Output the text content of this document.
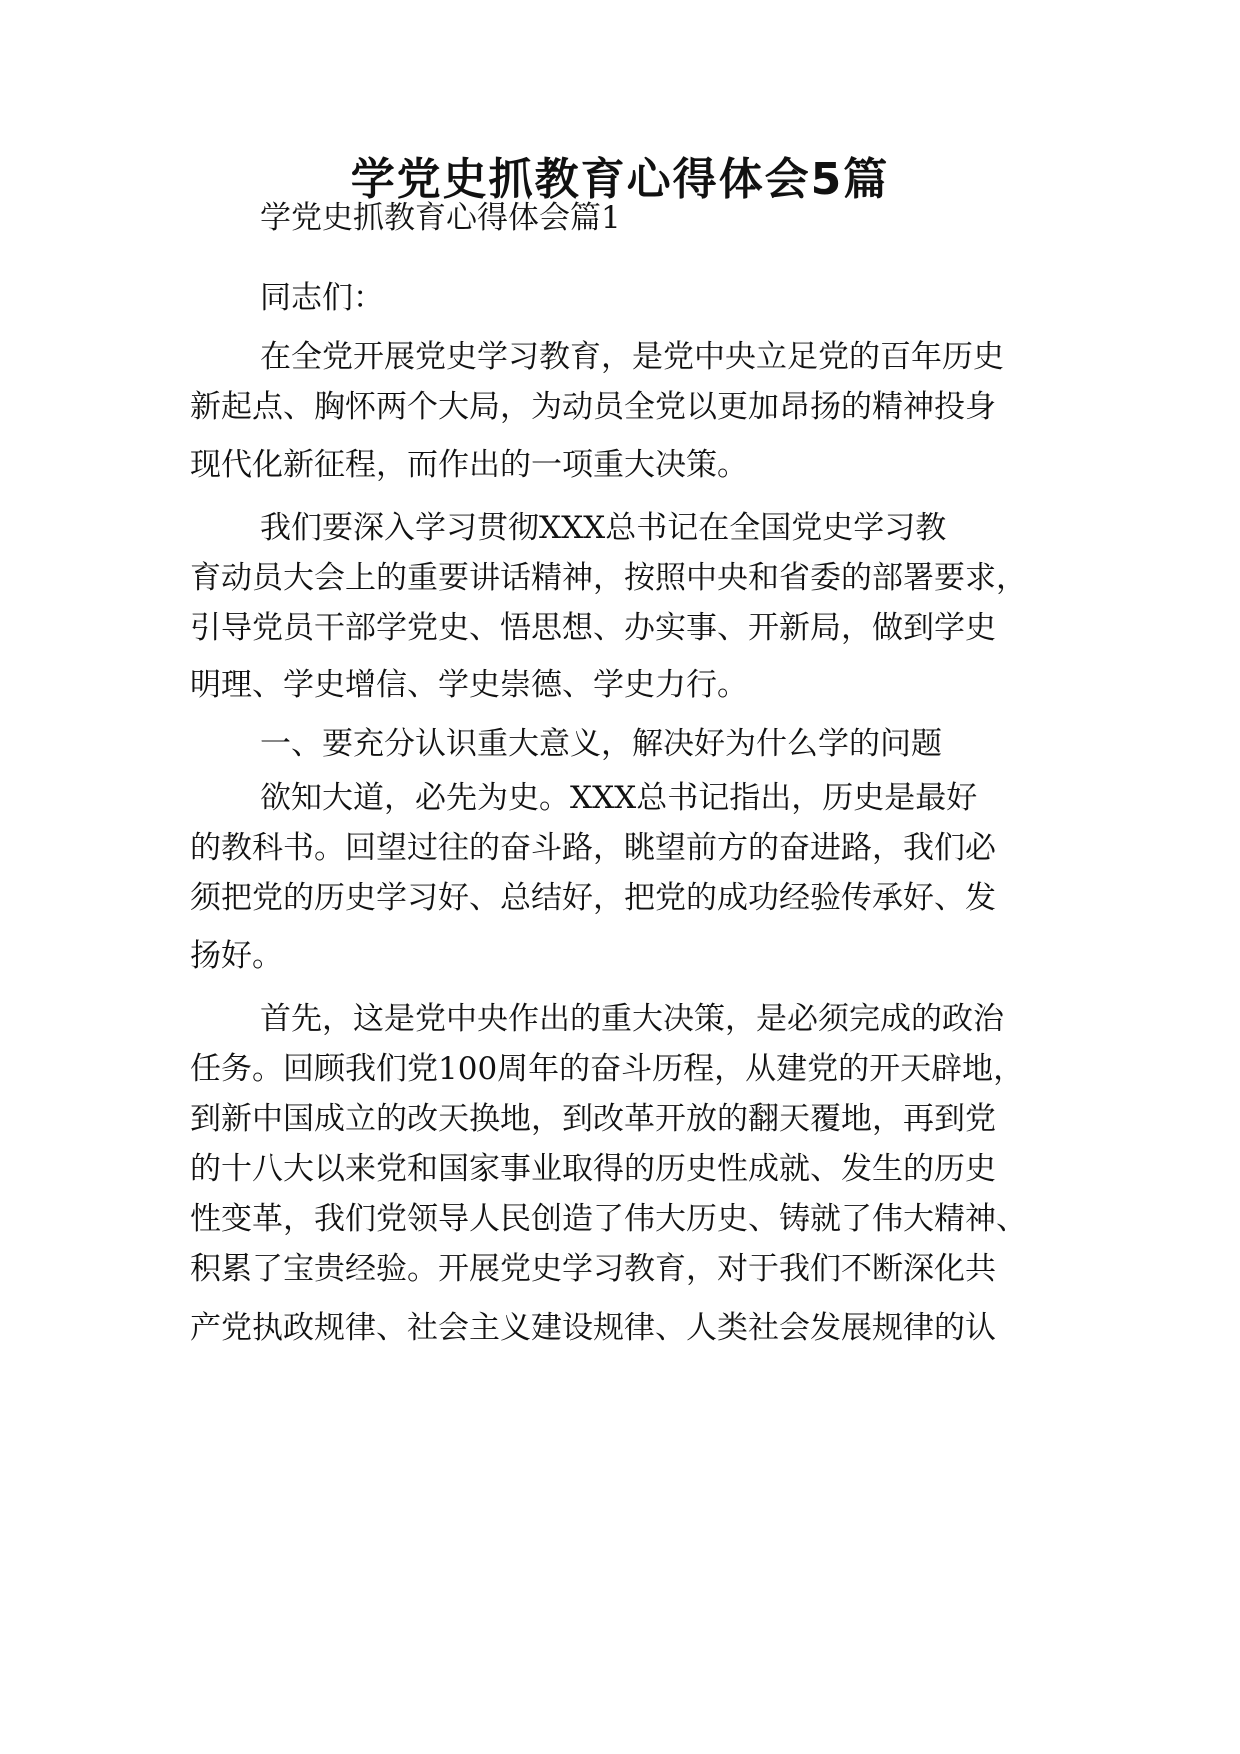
学党史抓教育心得体会5篇

学党史抓教育心得体会篇1

同志们：

在全党开展党史学习教育，是党中央立足党的百年历史

新起点、胸怀两个大局，为动员全党以更加昂扬的精神投身

现代化新征程，而作出的一项重大决策。

我们要深入学习贯彻XXX总书记在全国党史学习教

育动员大会上的重要讲话精神，按照中央和省委的部署要求，

引导党员干部学党史、悟思想、办实事、开新局，做到学史

明理、学史增信、学史崇德、学史力行。

一、要充分认识重大意义，解决好为什么学的问题

欲知大道，必先为史。XXX总书记指出，历史是最好

的教科书。回望过往的奋斗路，眺望前方的奋进路，我们必

须把党的历史学习好、总结好，把党的成功经验传承好、发

扬好。

首先，这是党中央作出的重大决策，是必须完成的政治

任务。回顾我们党100周年的奋斗历程，从建党的开天辟地，

到新中国成立的改天换地，到改革开放的翻天覆地，再到党

的十八大以来党和国家事业取得的历史性成就、发生的历史

性变革，我们党领导人民创造了伟大历史、铸就了伟大精神、

积累了宝贵经验。开展党史学习教育，对于我们不断深化共

产党执政规律、社会主义建设规律、人类社会发展规律的认
